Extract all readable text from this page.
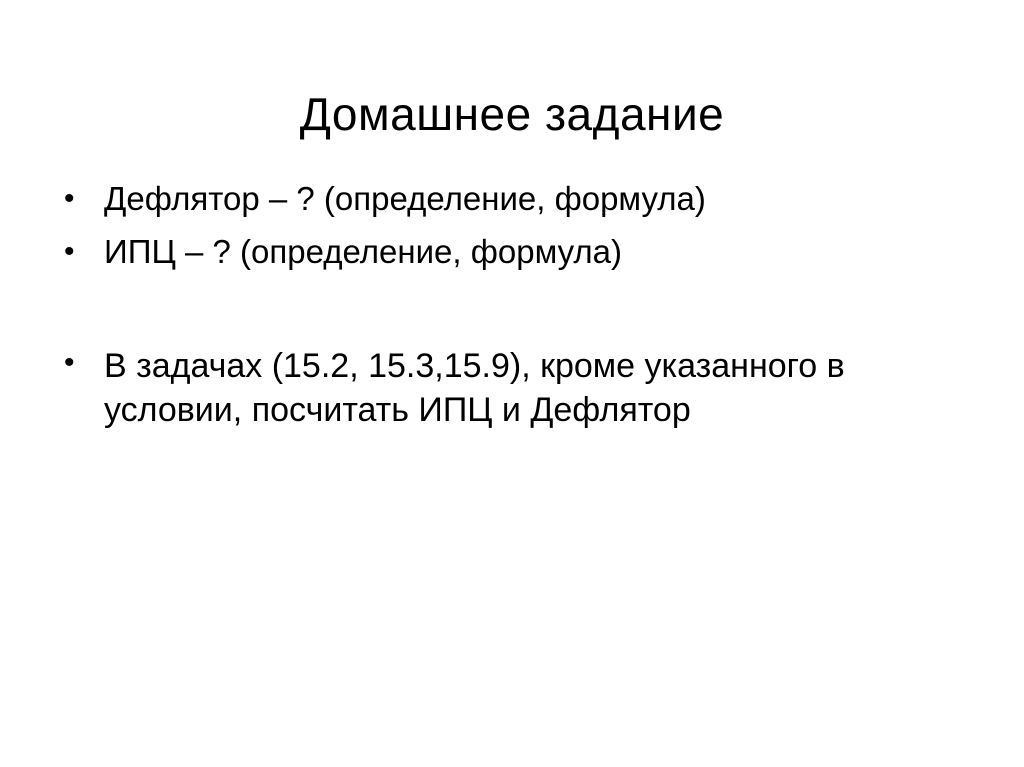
Домашнее задание
• Дефлятор – ? (определение, формула)
• ИПЦ – ? (определение, формула)
• В задачах (15.2, 15.3,15.9), кроме указанного в условии, посчитать ИПЦ и Дефлятор
